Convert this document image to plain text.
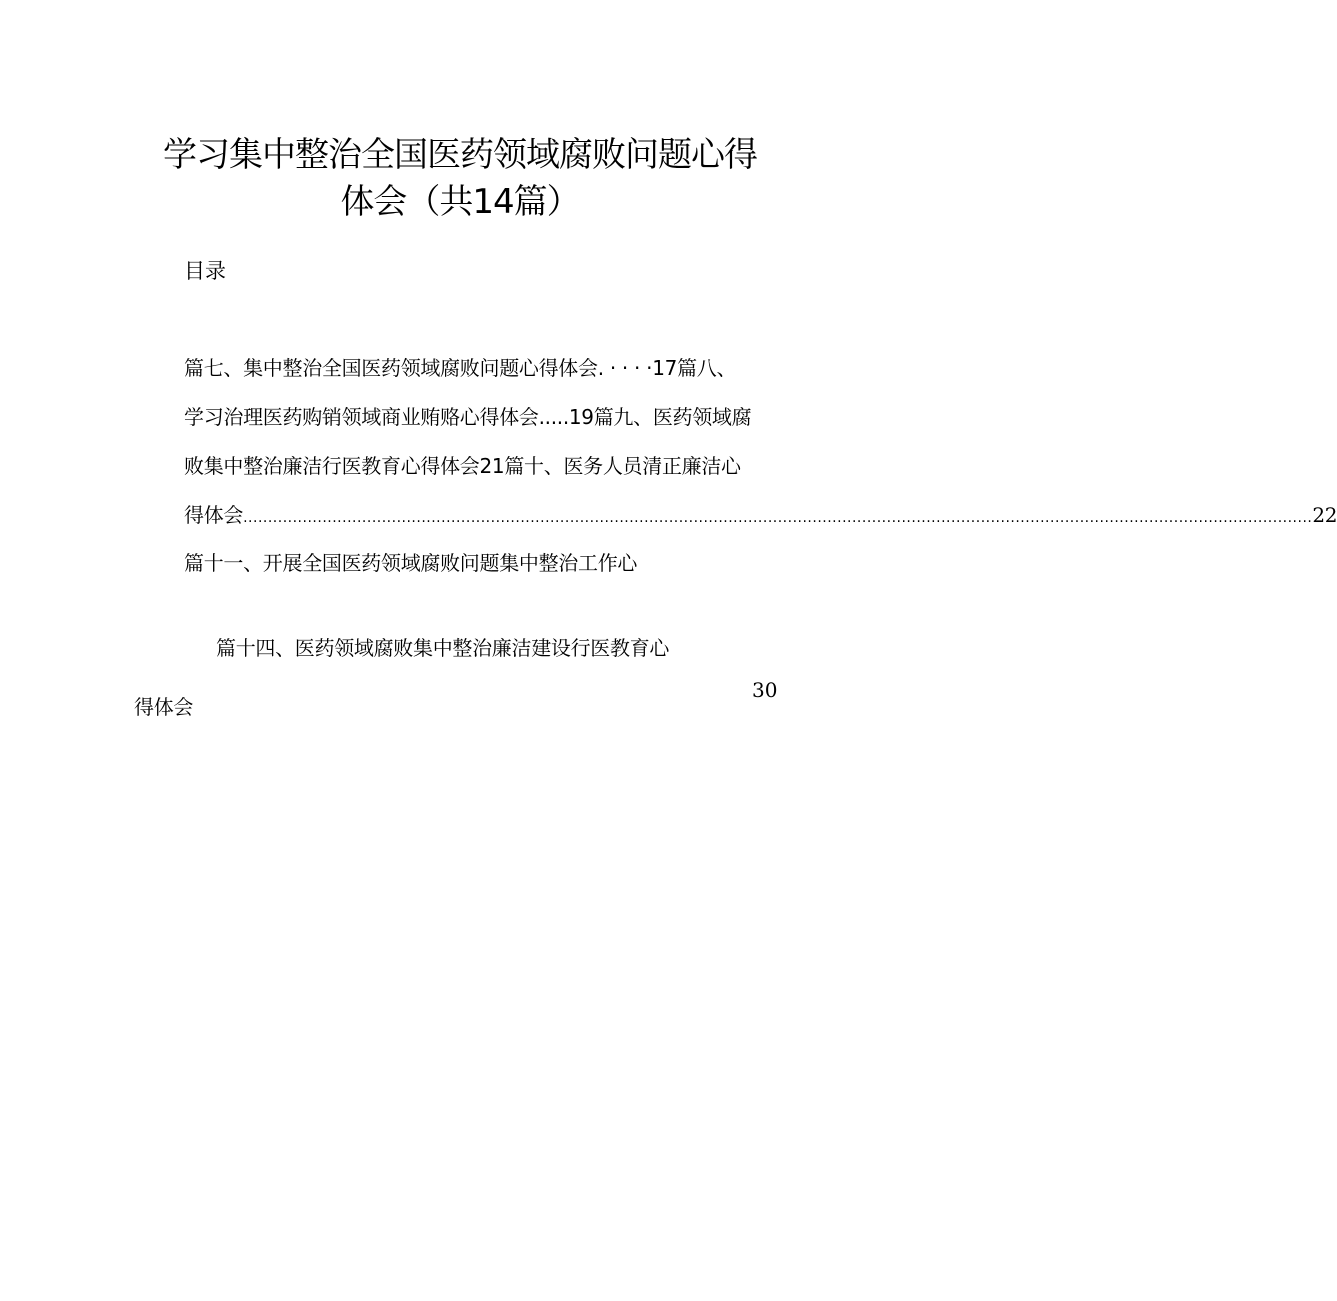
学习集中整治全国医药领域腐败问题心得
体会（共14篇）
目录
篇七、集中整治全国医药领域腐败问题心得体会. · · · ·17篇八、
学习治理医药购销领域商业贿赂心得体会.....19篇九、医药领域腐
败集中整治廉洁行医教育心得体会21篇十、医务人员清正廉洁心
得体会 ........................................................................................................................................................................................................................ 22
篇十一、开展全国医药领域腐败问题集中整治工作心
篇十四、医药领域腐败集中整治廉洁建设行医教育心
30
得体会
